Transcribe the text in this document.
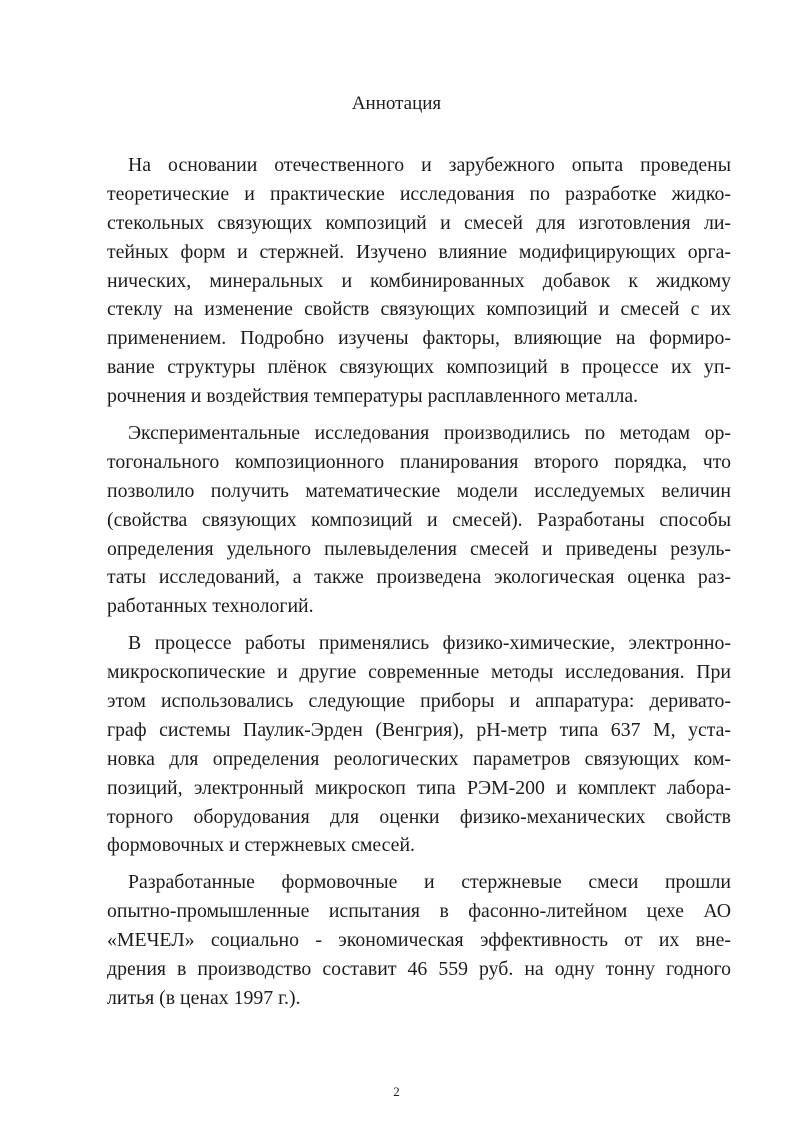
Аннотация

На основании отечественного и зарубежного опыта проведены
теоретические и практические исследования по разработке жидко-
стекольных связующих композиций и смесей для изготовления ли-
тейных форм и стержней. Изучено влияние модифицирующих орга-
нических, минеральных и комбинированных добавок к жидкому
стеклу на изменение свойств связующих композиций и смесей с их
применением. Подробно изучены факторы, влияющие на формиро-
вание структуры плёнок связующих композиций в процессе их уп-
рочнения и воздействия температуры расплавленного металла.

Экспериментальные исследования производились по методам ор-
тогонального композиционного планирования второго порядка, что
позволило получить математические модели исследуемых величин
(свойства связующих композиций и смесей). Разработаны способы
определения удельного пылевыделения смесей и приведены резуль-
таты исследований, а также произведена экологическая оценка раз-
работанных технологий.

В процессе работы применялись физико-химические, электронно-
микроскопические и другие современные методы исследования. При
этом использовались следующие приборы и аппаратура: деривато-
граф системы Паулик-Эрден (Венгрия), рН-метр типа 637 М, уста-
новка для определения реологических параметров связующих ком-
позиций, электронный микроскоп типа РЭМ-200 и комплект лабора-
торного оборудования для оценки физико-механических свойств
формовочных и стержневых смесей.

Разработанные формовочные и стержневые смеси прошли
опытно-промышленные испытания в фасонно-литейном цехе АО
«МЕЧЕЛ» социально - экономическая эффективность от их вне-
дрения в производство составит 46 559 руб. на одну тонну годного
литья (в ценах 1997 г.).

2
